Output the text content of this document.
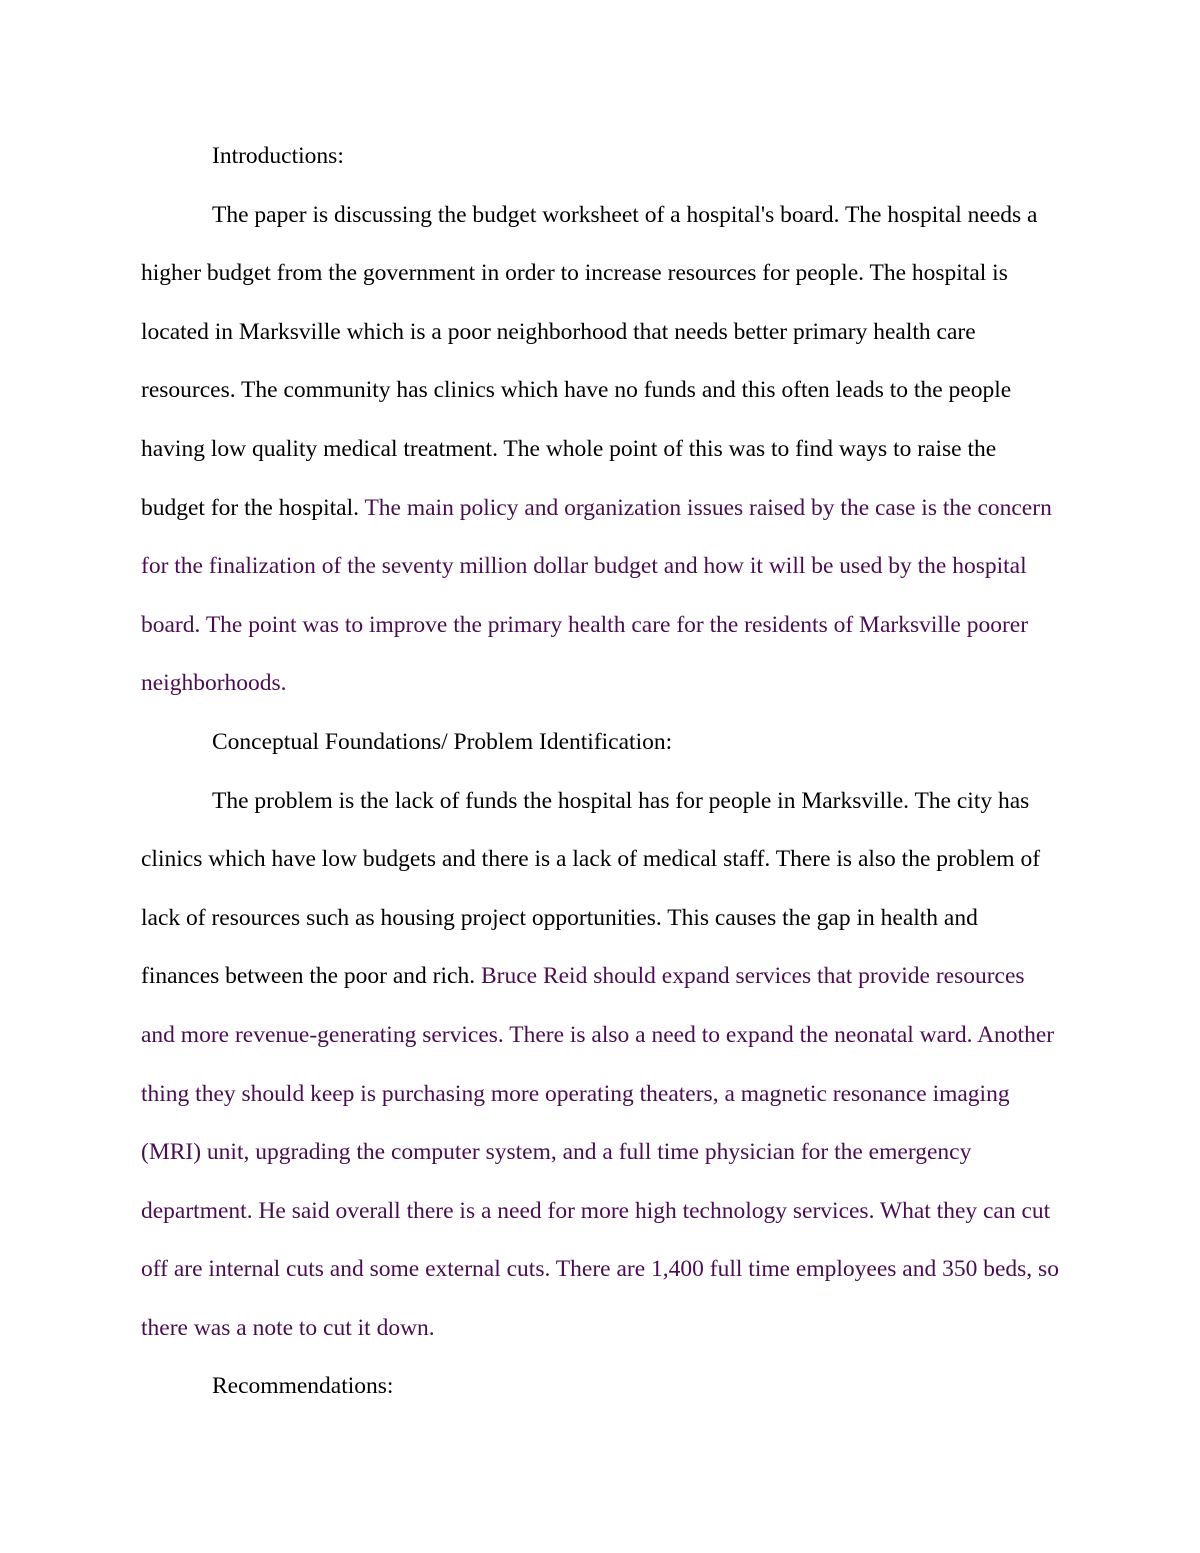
Introductions:

The paper is discussing the budget worksheet of a hospital's board. The hospital needs a higher budget from the government in order to increase resources for people. The hospital is located in Marksville which is a poor neighborhood that needs better primary health care resources. The community has clinics which have no funds and this often leads to the people having low quality medical treatment. The whole point of this was to find ways to raise the budget for the hospital. The main policy and organization issues raised by the case is the concern for the finalization of the seventy million dollar budget and how it will be used by the hospital board. The point was to improve the primary health care for the residents of Marksville poorer neighborhoods.

Conceptual Foundations/ Problem Identification:

The problem is the lack of funds the hospital has for people in Marksville. The city has clinics which have low budgets and there is a lack of medical staff. There is also the problem of lack of resources such as housing project opportunities. This causes the gap in health and finances between the poor and rich. Bruce Reid should expand services that provide resources and more revenue-generating services. There is also a need to expand the neonatal ward. Another thing they should keep is purchasing more operating theaters, a magnetic resonance imaging (MRI) unit, upgrading the computer system, and a full time physician for the emergency department. He said overall there is a need for more high technology services. What they can cut off are internal cuts and some external cuts. There are 1,400 full time employees and 350 beds, so there was a note to cut it down.

Recommendations:
